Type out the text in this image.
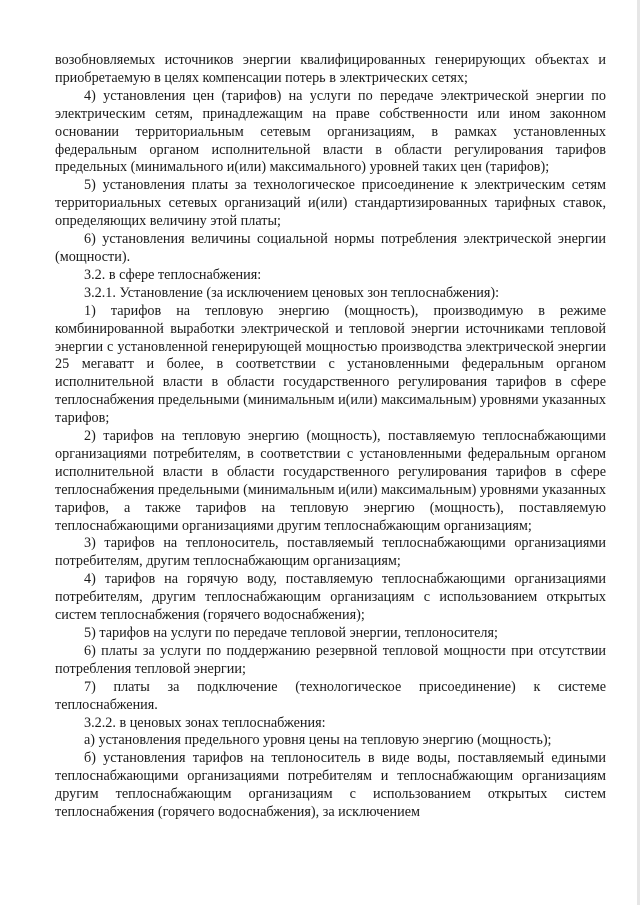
возобновляемых источников энергии квалифицированных генерирующих объектах и приобретаемую в целях компенсации потерь в электрических сетях;

4) установления цен (тарифов) на услуги по передаче электрической энергии по электрическим сетям, принадлежащим на праве собственности или ином законном основании территориальным сетевым организациям, в рамках установленных федеральным органом исполнительной власти в области регулирования тарифов предельных (минимального и(или) максимального) уровней таких цен (тарифов);

5) установления платы за технологическое присоединение к электрическим сетям территориальных сетевых организаций и(или) стандартизированных тарифных ставок, определяющих величину этой платы;

6) установления величины социальной нормы потребления электрической энергии (мощности).

3.2. в сфере теплоснабжения:

3.2.1. Установление (за исключением ценовых зон теплоснабжения):

1) тарифов на тепловую энергию (мощность), производимую в режиме комбинированной выработки электрической и тепловой энергии источниками тепловой энергии с установленной генерирующей мощностью производства электрической энергии 25 мегаватт и более, в соответствии с установленными федеральным органом исполнительной власти в области государственного регулирования тарифов в сфере теплоснабжения предельными (минимальным и(или) максимальным) уровнями указанных тарифов;

2) тарифов на тепловую энергию (мощность), поставляемую теплоснабжающими организациями потребителям, в соответствии с установленными федеральным органом исполнительной власти в области государственного регулирования тарифов в сфере теплоснабжения предельными (минимальным и(или) максимальным) уровнями указанных тарифов, а также тарифов на тепловую энергию (мощность), поставляемую теплоснабжающими организациями другим теплоснабжающим организациям;

3) тарифов на теплоноситель, поставляемый теплоснабжающими организациями потребителям, другим теплоснабжающим организациям;

4) тарифов на горячую воду, поставляемую теплоснабжающими организациями потребителям, другим теплоснабжающим организациям с использованием открытых систем теплоснабжения (горячего водоснабжения);

5) тарифов на услуги по передаче тепловой энергии, теплоносителя;

6) платы за услуги по поддержанию резервной тепловой мощности при отсутствии потребления тепловой энергии;

7) платы за подключение (технологическое присоединение) к системе теплоснабжения.

3.2.2. в ценовых зонах теплоснабжения:

а) установления предельного уровня цены на тепловую энергию (мощность);

б) установления тарифов на теплоноситель в виде воды, поставляемый едиными теплоснабжающими организациями потребителям и теплоснабжающим организациям другим теплоснабжающим организациям с использованием открытых систем теплоснабжения (горячего водоснабжения), за исключением
